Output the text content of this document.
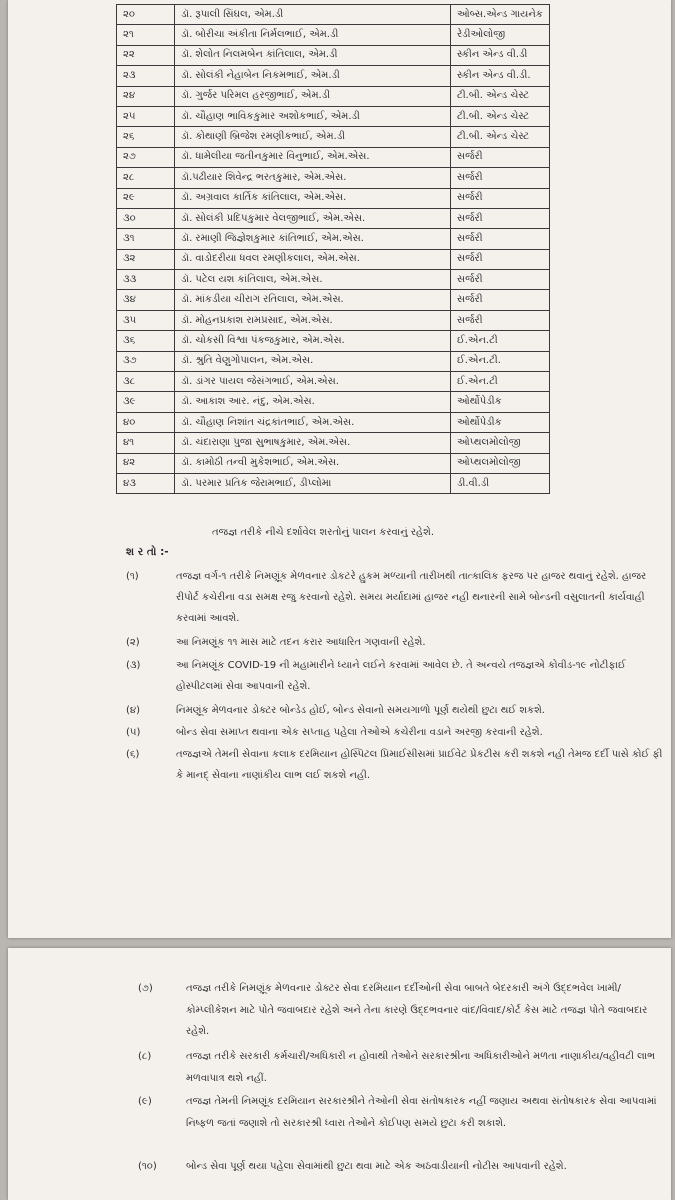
૨૦	ડૉ. રૂપાલી સિંઘલ, એમ.ડી	ઓબ્સ.એન્ડ ગાયનેક
૨૧	ડૉ. બોરીચા અંકીતા નિર્મલભાઈ, એમ.ડી	રેડીઓલોજી
૨૨	ડૉ. શેલોત નિલમબેન કાંતિલાલ, એમ.ડી	સ્કીન એન્ડ વી.ડી
૨૩	ડૉ. સોલંકી નેહાબેન નિકમભાઈ, એમ.ડી	સ્કીન એન્ડ વી.ડી.
૨૪	ડૉ. ગુર્જર પરિમલ હરજીભાઈ, એમ.ડી	ટી.બી. એન્ડ ચેસ્ટ
૨૫	ડૉ. ચૌહાણ ભાવિકકુમાર અશોકભાઈ, એમ.ડી	ટી.બી. એન્ડ ચેસ્ટ
૨૬	ડૉ. કોથાણી બ્રિજેશ રમણીકભાઈ, એમ.ડી	ટી.બી. એન્ડ ચેસ્ટ
૨૭	ડૉ. ધામેલીયા જતીનકુમાર વિનુભાઈ, એમ.એસ.	સર્જરી
૨૮	ડૉ.પઢીયાર શિવેન્દ્ર ભરતકુમાર, એમ.એસ.	સર્જરી
૨૯	ડૉ. અગ્રવાલ કાર્તિક કાંતિલાલ, એમ.એસ.	સર્જરી
૩૦	ડૉ. સોલંકી પ્રદિપકુમાર વેલજીભાઈ, એમ.એસ.	સર્જરી
૩૧	ડૉ. રમાણી જિજ્ઞેશકુમાર કાંતિભાઈ, એમ.એસ.	સર્જરી
૩૨	ડૉ. વાડોદરીયા ધવલ રમણીકલાલ, એમ.એસ.	સર્જરી
૩૩	ડૉ. પટેલ યશ કાંતિલાલ, એમ.એસ.	સર્જરી
૩૪	ડૉ. માંકડીયા ચીરાગ રતિલાલ, એમ.એસ.	સર્જરી
૩૫	ડૉ. મોહનપ્રકાશ રામપ્રસાદ, એમ.એસ.	સર્જરી
૩૬	ડૉ. ચોકસી વિશ્વા પંકજકુમાર, એમ.એસ.	ઈ.એન.ટી
૩૭	ડૉ. શ્રુતિ વેણુગોપાલન, એમ.એસ.	ઈ.એન.ટી.
૩૮	ડૉ. ડાંગર પાયલ જેસંગભાઈ, એમ.એસ.	ઈ.એન.ટી
૩૯	ડૉ. આકાશ આર. નંદુ, એમ.એસ.	ઓર્થોપેડીક
૪૦	ડૉ. ચૌહાણ નિશાંત ચંદ્રકાંતભાઈ, એમ.એસ.	ઓર્થોપેડીક
૪૧	ડૉ. ચંદારાણા પુજા સુભાષકુમાર, એમ.એસ.	ઓપ્થલમોલોજી
૪૨	ડૉ. કામોઠી તન્વી મુકેશભાઈ, એમ.એસ.	ઓપ્થલમોલોજી
૪૩	ડૉ. પરમાર પ્રતિક જેરામભાઈ, ડીપ્લોમા	ડી.વી.ડી
તજજ્ઞ તરીકે નીચે દર્શાવેલ શરતોનું પાલન કરવાનું રહેશે.
શ ર તો :-
(૧)	તજજ્ઞ વર્ગ-૧ તરીકે નિમણૂંક મેળવનાર ડોકટરે હુકમ મળ્યાની તારીખથી તાત્કાલિક ફરજ પર હાજર થવાનું રહેશે. હાજર રીપોર્ટ કચેરીના વડા સમક્ષ રજુ કરવાનો રહેશે. સમય મર્યાદામાં હાજર નહી થનારની સામે બોન્ડની વસુલાતની કાર્યવાહી કરવામાં આવશે.
(૨)	આ નિમણૂંક ૧૧ માસ માટે તદન કરાર આધારિત ગણવાની રહેશે.
(૩)	આ નિમણૂંક COVID-19 ની મહામારીને ધ્યાને લઈને કરવામાં આવેલ છે. તે અન્વયે તજજ્ઞએ કોવીડ-૧૯ નોટીફાઈ હોસ્પીટલમાં સેવા આપવાની રહેશે.
(૪)	નિમણૂંક મેળવનાર ડોક્ટર બોન્ડેડ હોઈ, બોન્ડ સેવાનો સમયગાળો પૂર્ણ થયેથી છુટા થઈ શકશે.
(૫)	બોન્ડ સેવા સમાપ્ત થવાના એક સપ્તાહ પહેલા તેઓએ કચેરીના વડાને અરજી કરવાની રહેશે.
(૬)	તજજ્ઞએ તેમની સેવાના કલાક દરમિયાન હોસ્પિટલ પ્રિમાઈસીસમાં પ્રાઈવેટ પ્રેકટીસ કરી શકશે નહી તેમજ દર્દી પાસે કોઈ ફી કે માનદ્ સેવાના નાણાંકીય લાભ લઈ શકશે નહી.
(૭)	તજજ્ઞ તરીકે નિમણૂંક મેળવનાર ડોક્ટર સેવા દરમિયાન દર્દીઓની સેવા બાબતે બેદરકારી અંગે ઉદ્દભવેલ ખામી/કોમ્પ્લીકેશન માટે પોતે જવાબદાર રહેશે અને તેના કારણે ઉદ્દભવનાર વાંદ/વિવાદ/કોર્ટ કેસ માટે તજજ્ઞ પોતે જવાબદાર રહેશે.
(૮)	તજજ્ઞ તરીકે સરકારી કર્મચારી/અધિકારી ન હોવાથી તેઓને સરકારશ્રીના અધિકારીઓને મળતા નાણાકીય/વહીવટી લાભ મળવાપાત્ર થશે નહીં.
(૯)	તજજ્ઞ તેમની નિમણૂંક દરમિયાન સરકારશ્રીને તેઓની સેવા સંતોષકારક નહીં જણાય અથવા સંતોષકારક સેવા આપવામાં નિષ્ફળ જતાં જણાશે તો સરકારશ્રી ધ્વારા તેઓને કોઈપણ સમયે છુટા કરી શકાશે.
(૧૦)	બોન્ડ સેવા પૂર્ણ થયા પહેલા સેવામાંથી છુટા થવા માટે એક અઠવાડીયાની નોટીસ આપવાની રહેશે.
